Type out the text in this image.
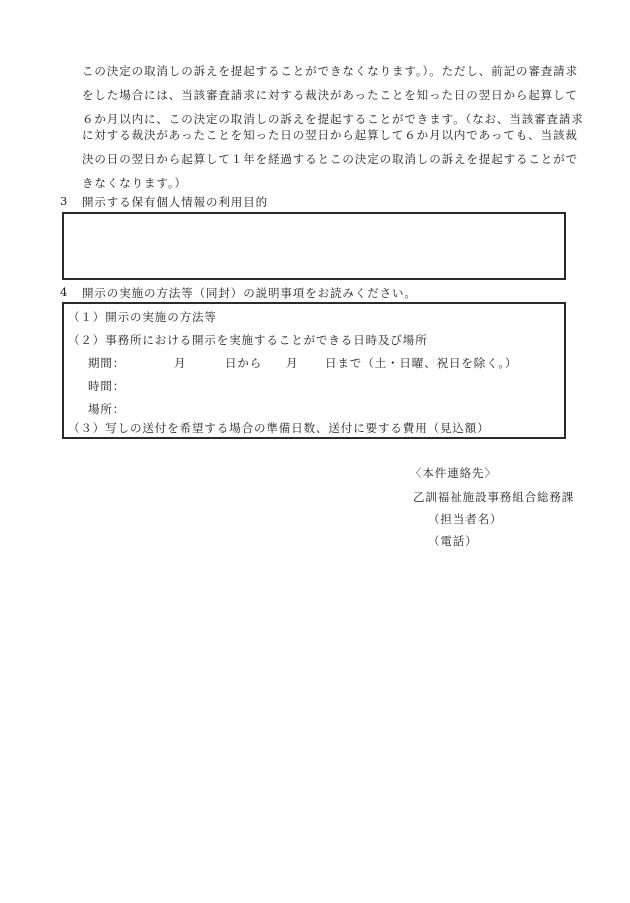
この決定の取消しの訴えを提起することができなくなります。）。ただし、前記の審査請求
をした場合には、当該審査請求に対する裁決があったことを知った日の翌日から起算して
６か月以内に、この決定の取消しの訴えを提起することができます。（なお、当該審査請求
に対する裁決があったことを知った日の翌日から起算して６か月以内であっても、当該裁
決の日の翌日から起算して１年を経過するとこの決定の取消しの訴えを提起することがで
きなくなります。）
3 開示する保有個人情報の利用目的
4 開示の実施の方法等（同封）の説明事項をお読みください。
（１）開示の実施の方法等
（２）事務所における開示を実施することができる日時及び場所
期間：	月	日から 月 日まで（土・日曜、祝日を除く。）
時間：
場所：
（３）写しの送付を希望する場合の準備日数、送付に要する費用（見込額）
〈本件連絡先〉
乙訓福祉施設事務組合総務課
（担当者名）
（電話）
